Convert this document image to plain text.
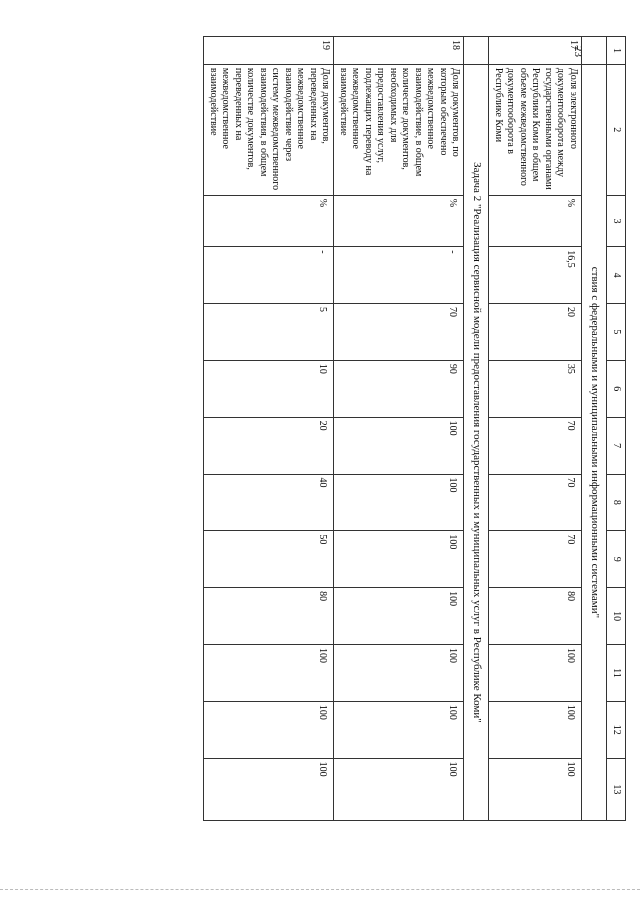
23	1	2	3	4	5	6	7	8	9	10	11	12	13
	ствия с федеральными и муниципальными информационными системами"											
17	Доля электронного документооборота между государственными органами Республики Коми в общем объеме межведомственного документооборота в Республике Коми	%	16,5	20	35	70	70	70	80	100	100	100
	Задача 2 "Реализация сервисной модели предоставления государственных и муниципальных услуг в Республике Коми"											
18	Доля документов, по которым обеспечено межведомственное взаимодействие, в общем количестве документов, необходимых для предоставления услуг, подлежащих переводу на межведомственное взаимодействие	%	-	70	90	100	100	100	100	100	100	100
19	Доля документов, переведенных на межведомственное взаимодействие через систему межведомственного взаимодействия, в общем количестве документов, переведенных на межведомственное взаимодействие	%	-	5	10	20	40	50	80	100	100	100
